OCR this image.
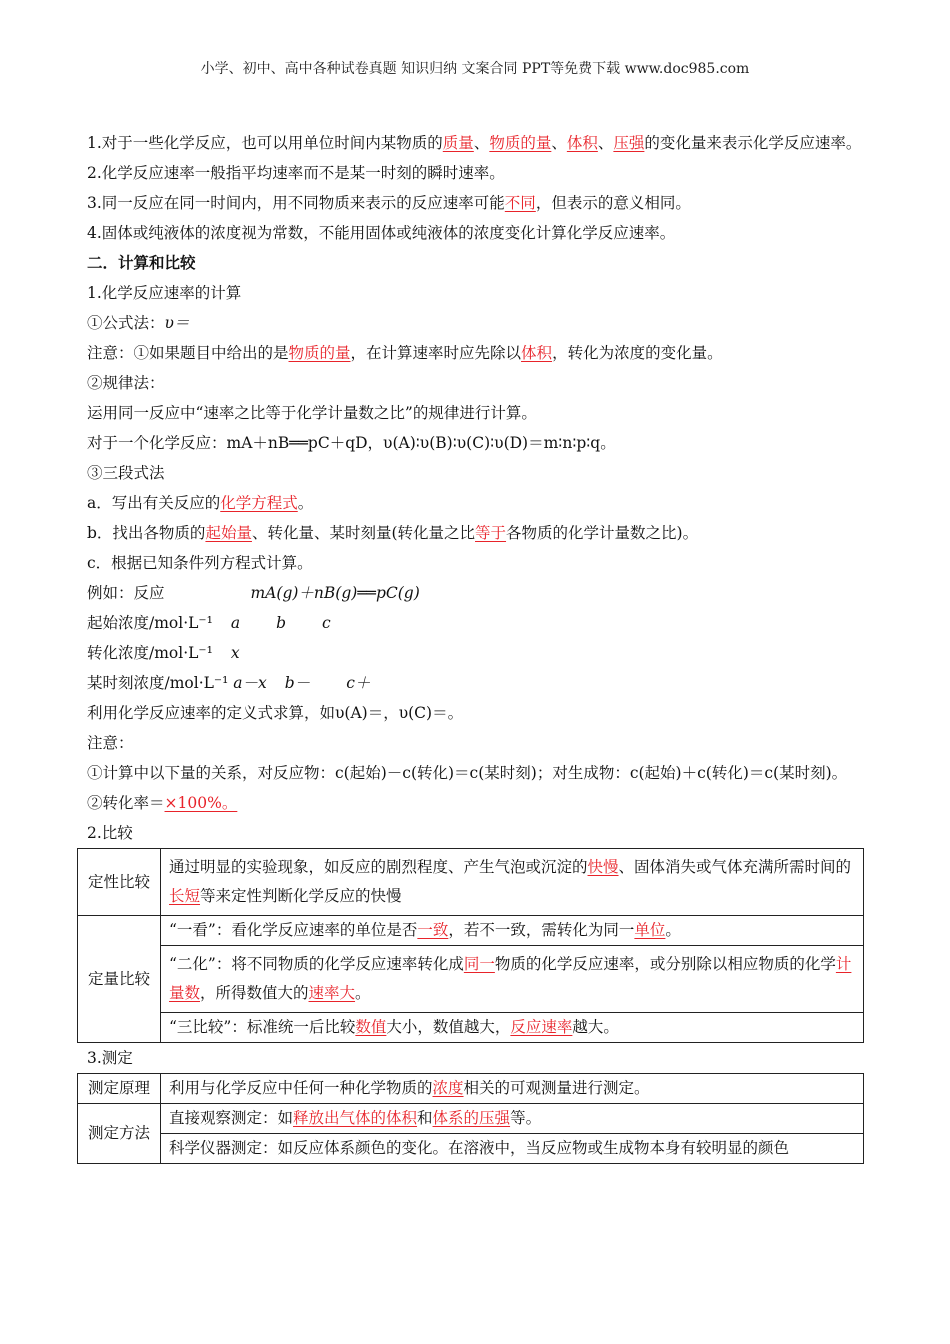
小学、初中、高中各种试卷真题 知识归纳 文案合同 PPT等免费下载 www.doc985.com
1.对于一些化学反应，也可以用单位时间内某物质的质量、物质的量、体积、压强的变化量来表示化学反应速率。
2.化学反应速率一般指平均速率而不是某一时刻的瞬时速率。
3.同一反应在同一时间内，用不同物质来表示的反应速率可能不同，但表示的意义相同。
4.固体或纯液体的浓度视为常数，不能用固体或纯液体的浓度变化计算化学反应速率。
二．计算和比较
1.化学反应速率的计算
①公式法：υ＝
注意：①如果题目中给出的是物质的量，在计算速率时应先除以体积，转化为浓度的变化量。
②规律法：
运用同一反应中“速率之比等于化学计量数之比”的规律进行计算。
对于一个化学反应：mA＋nB══pC＋qD，υ(A)∶υ(B)∶υ(C)∶υ(D)＝m∶n∶p∶q。
③三段式法
a．写出有关反应的化学方程式。
b．找出各物质的起始量、转化量、某时刻量(转化量之比等于各物质的化学计量数之比)。
c．根据已知条件列方程式计算。
例如：反应	mA(g)＋nB(g)══pC(g)
起始浓度/mol·L⁻¹ a b c
转化浓度/mol·L⁻¹ x
某时刻浓度/mol·L⁻¹ a－x b－ c＋
利用化学反应速率的定义式求算，如υ(A)＝，υ(C)＝。
注意：
①计算中以下量的关系，对反应物：c(起始)－c(转化)＝c(某时刻)；对生成物：c(起始)＋c(转化)＝c(某时刻)。
②转化率＝×100%。
2.比较
定性比较	通过明显的实验现象，如反应的剧烈程度、产生气泡或沉淀的快慢、固体消失或气体充满所需时间的长短等来定性判断化学反应的快慢
定量比较	“一看”：看化学反应速率的单位是否一致，若不一致，需转化为同一单位。
	“二化”：将不同物质的化学反应速率转化成同一物质的化学反应速率，或分别除以相应物质的化学计量数，所得数值大的速率大。
	“三比较”：标准统一后比较数值大小，数值越大，反应速率越大。
3.测定
测定原理	利用与化学反应中任何一种化学物质的浓度相关的可观测量进行测定。
测定方法	直接观察测定：如释放出气体的体积和体系的压强等。
	科学仪器测定：如反应体系颜色的变化。在溶液中，当反应物或生成物本身有较明显的颜色
